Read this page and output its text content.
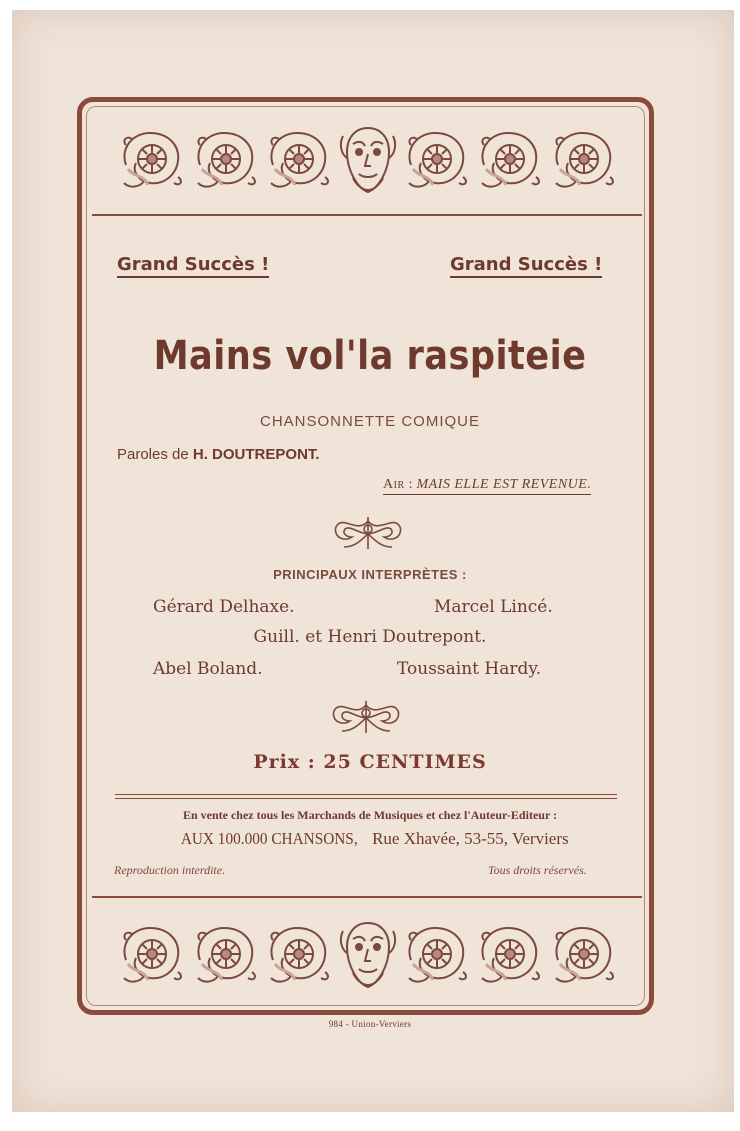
Grand Succès !	Grand Succès !
Mains vol'la raspiteie
CHANSONNETTE COMIQUE
Paroles de H. DOUTREPONT.
Air : MAIS ELLE EST REVENUE.
PRINCIPAUX INTERPRÈTES :
Gérard Delhaxe.	Marcel Lincé.
Guill. et Henri Doutrepont.
Abel Boland.	Toussaint Hardy.
Prix : 25 CENTIMES
En vente chez tous les Marchands de Musiques et chez l'Auteur-Editeur :
AUX 100.000 CHANSONS, Rue Xhavée, 53-55, Verviers
Reproduction interdite.	Tous droits réservés.
984 - Union-Verviers
